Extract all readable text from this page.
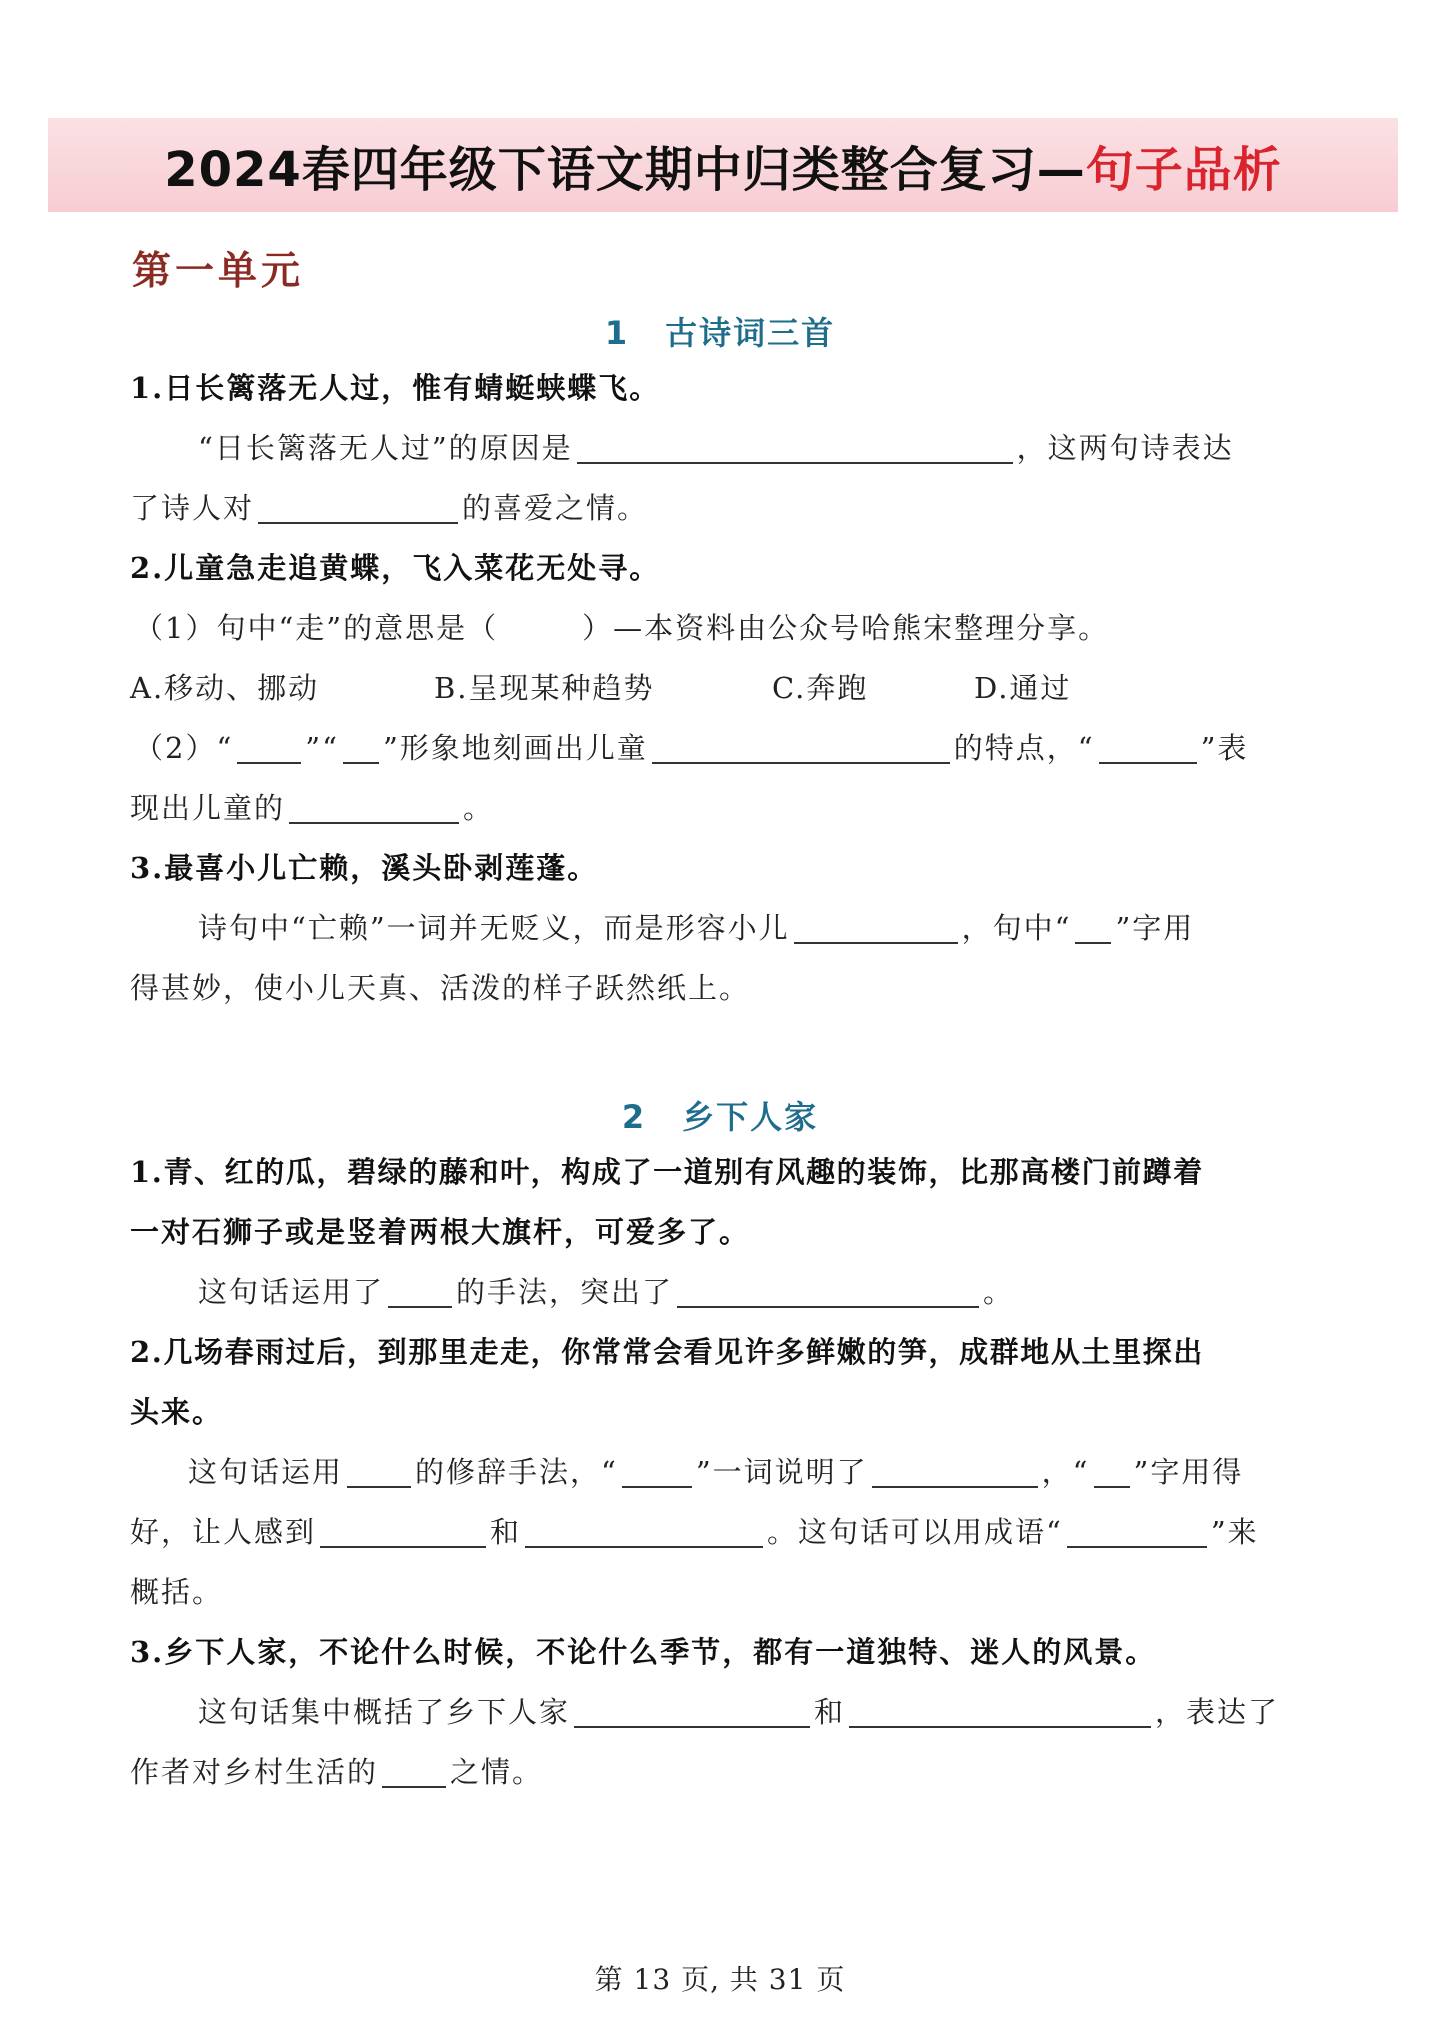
2024春四年级下语文期中归类整合复习—句子品析
第一单元
1 古诗词三首
1.日长篱落无人过，惟有蜻蜓蛱蝶飞。
“日长篱落无人过”的原因是	，这两句诗表达
了诗人对	的喜爱之情。
2.儿童急走追黄蝶，飞入菜花无处寻。
（1）句中“走”的意思是（	）—本资料由公众号哈熊宋整理分享。
A.移动、挪动	B.呈现某种趋势	C.奔跑	D.通过
（2）“ ”“ ”形象地刻画出儿童	的特点，“	”表
现出儿童的	。
3.最喜小儿亡赖，溪头卧剥莲蓬。
诗句中“亡赖”一词并无贬义，而是形容小儿	，句中“ ”字用
得甚妙，使小儿天真、活泼的样子跃然纸上。
2 乡下人家
1.青、红的瓜，碧绿的藤和叶，构成了一道别有风趣的装饰，比那高楼门前蹲着
一对石狮子或是竖着两根大旗杆，可爱多了。
这句话运用了 的手法，突出了	。
2.几场春雨过后，到那里走走，你常常会看见许多鲜嫩的笋，成群地从土里探出
头来。
这句话运用 的修辞手法，“	”一词说明了	，“ ”字用得
好，让人感到	和	。这句话可以用成语“	”来
概括。
3.乡下人家，不论什么时候，不论什么季节，都有一道独特、迷人的风景。
这句话集中概括了乡下人家	和	，表达了
作者对乡村生活的 之情。
第 13 页, 共 31 页
